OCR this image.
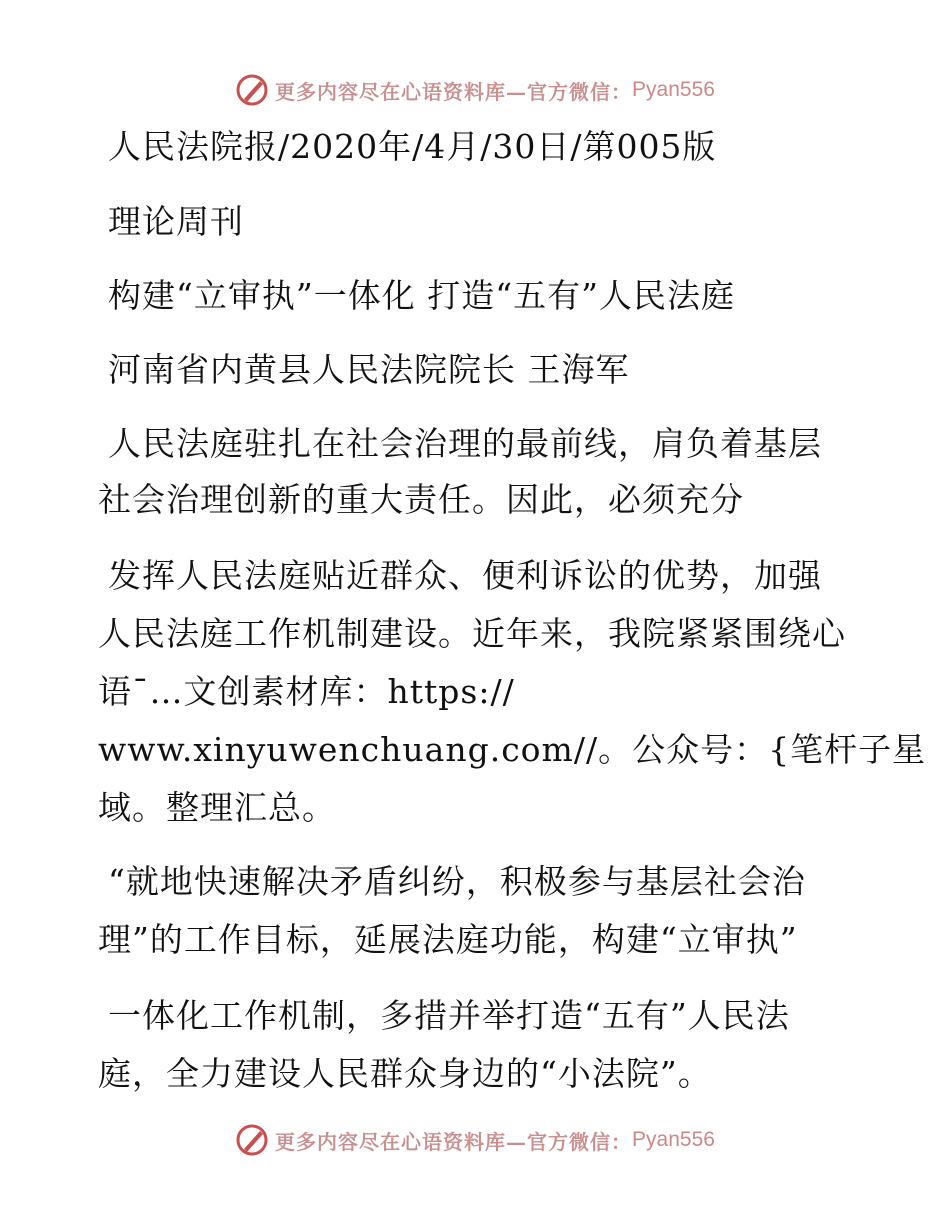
更多内容尽在心语资料库—官方微信： Pyan556
人民法院报/2020年/4月/30日/第005版
理论周刊
构建“立审执”一体化 打造“五有”人民法庭
河南省内黄县人民法院院长 王海军
人民法庭驻扎在社会治理的最前线，肩负着基层
社会治理创新的重大责任。因此，必须充分
发挥人民法庭贴近群众、便利诉讼的优势，加强
人民法庭工作机制建设。近年来，我院紧紧围绕心
语¯…文创素材库：https://
www.xinyuwenchuang.com//。公众号：{笔杆子星
域。整理汇总。
“就地快速解决矛盾纠纷，积极参与基层社会治
理”的工作目标，延展法庭功能，构建“立审执”
一体化工作机制，多措并举打造“五有”人民法
庭，全力建设人民群众身边的“小法院”。
更多内容尽在心语资料库—官方微信： Pyan556
